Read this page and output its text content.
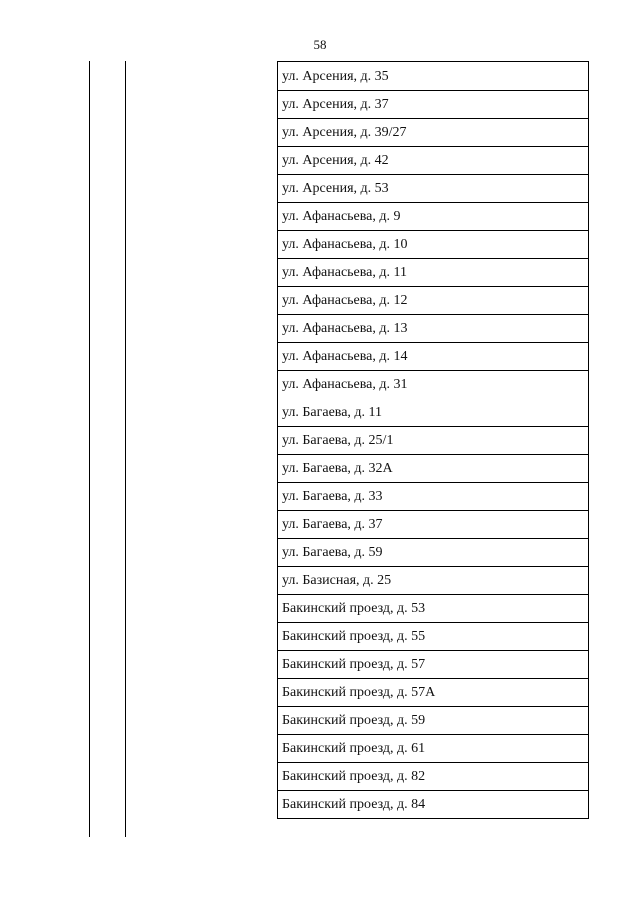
58
ул. Арсения, д. 35
ул. Арсения, д. 37
ул. Арсения, д. 39/27
ул. Арсения, д. 42
ул. Арсения, д. 53
ул. Афанасьева, д. 9
ул. Афанасьева, д. 10
ул. Афанасьева, д. 11
ул. Афанасьева, д. 12
ул. Афанасьева, д. 13
ул. Афанасьева, д. 14
ул. Афанасьева, д. 31
ул. Багаева, д. 11
ул. Багаева, д. 25/1
ул. Багаева, д. 32А
ул. Багаева, д. 33
ул. Багаева, д. 37
ул. Багаева, д. 59
ул. Базисная, д. 25
Бакинский проезд, д. 53
Бакинский проезд, д. 55
Бакинский проезд, д. 57
Бакинский проезд, д. 57А
Бакинский проезд, д. 59
Бакинский проезд, д. 61
Бакинский проезд, д. 82
Бакинский проезд, д. 84
